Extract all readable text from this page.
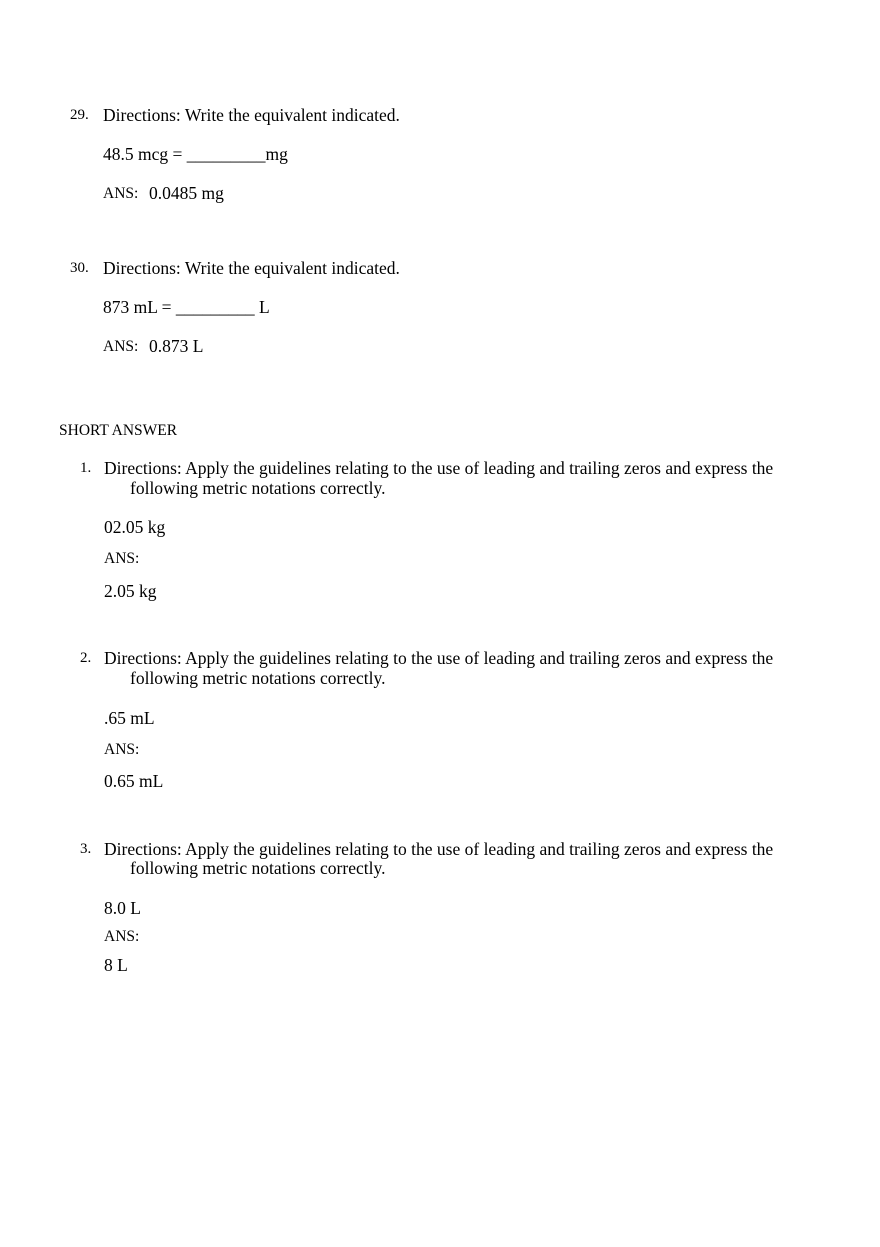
29. Directions: Write the equivalent indicated.
48.5 mcg = _________mg
ANS: 0.0485 mg
30. Directions: Write the equivalent indicated.
873 mL = _________ L
ANS: 0.873 L
SHORT ANSWER
1. Directions: Apply the guidelines relating to the use of leading and trailing zeros and express the
following metric notations correctly.
02.05 kg
ANS:
2.05 kg
2. Directions: Apply the guidelines relating to the use of leading and trailing zeros and express the
following metric notations correctly.
.65 mL
ANS:
0.65 mL
3. Directions: Apply the guidelines relating to the use of leading and trailing zeros and express the
following metric notations correctly.
8.0 L
ANS:
8 L
